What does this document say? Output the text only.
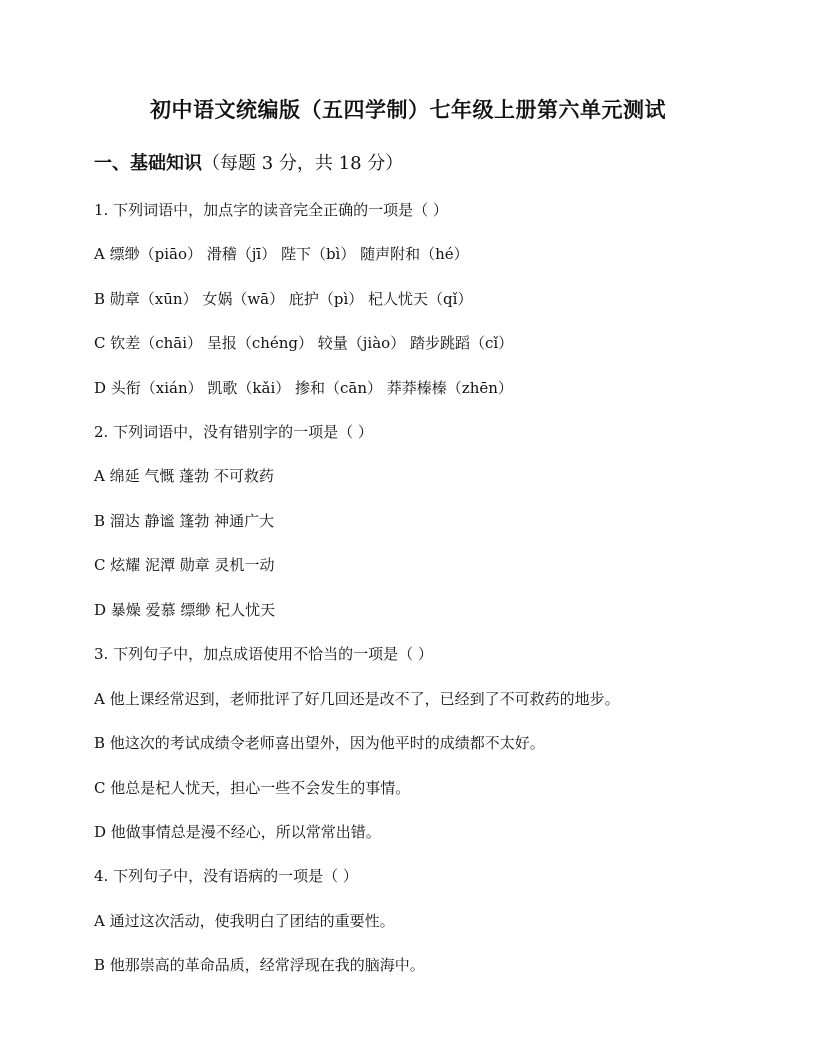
初中语文统编版（五四学制）七年级上册第六单元测试
一、基础知识（每题 3 分，共 18 分）
1. 下列词语中，加点字的读音完全正确的一项是（ ）
A 缥缈（piāo） 滑稽（jī） 陛下（bì） 随声附和（hé）
B 勋章（xūn） 女娲（wā） 庇护（pì） 杞人忧天（qǐ）
C 钦差（chāi） 呈报（chéng） 较量（jiào） 踏步跳蹈（cǐ）
D 头衔（xián） 凯歌（kǎi） 掺和（cān） 莽莽榛榛（zhēn）
2. 下列词语中，没有错别字的一项是（ ）
A 绵延 气慨 蓬勃 不可救药
B 溜达 静谧 篷勃 神通广大
C 炫耀 泥潭 勋章 灵机一动
D 暴燥 爱慕 缥缈 杞人忧天
3. 下列句子中，加点成语使用不恰当的一项是（ ）
A 他上课经常迟到，老师批评了好几回还是改不了，已经到了不可救药的地步。
B 他这次的考试成绩令老师喜出望外，因为他平时的成绩都不太好。
C 他总是杞人忧天，担心一些不会发生的事情。
D 他做事情总是漫不经心，所以常常出错。
4. 下列句子中，没有语病的一项是（ ）
A 通过这次活动，使我明白了团结的重要性。
B 他那崇高的革命品质，经常浮现在我的脑海中。
